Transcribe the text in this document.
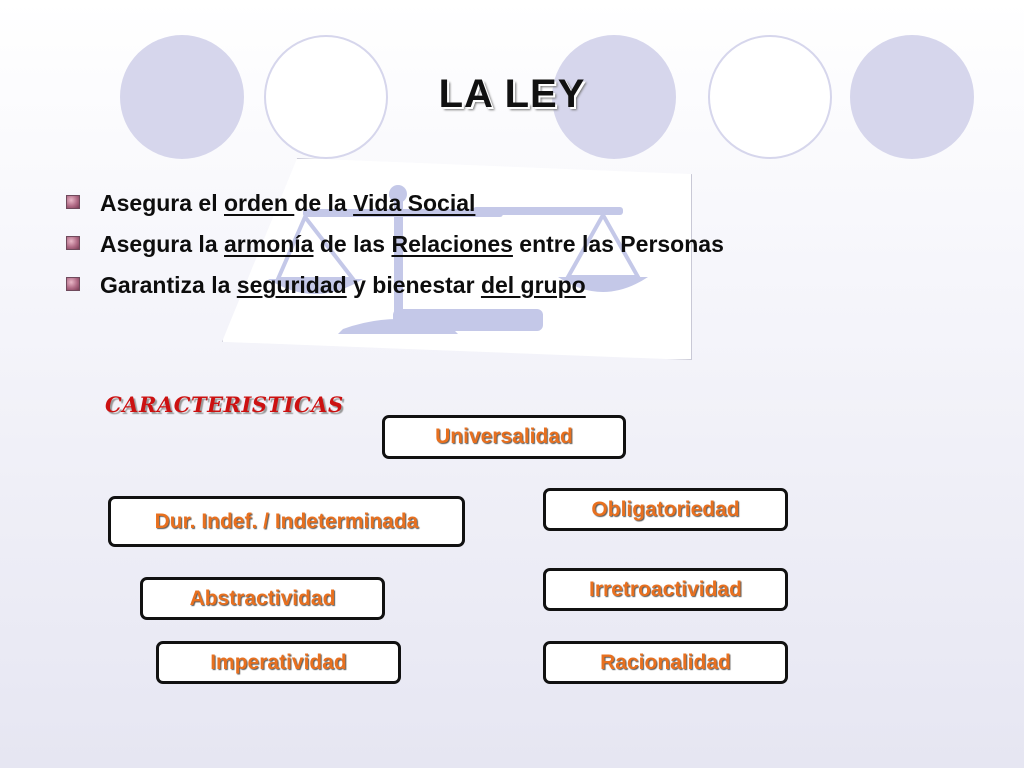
LA LEY
Asegura el orden de la Vida Social
Asegura la armonía de las Relaciones entre las Personas
Garantiza la seguridad y bienestar del grupo
CARACTERISTICAS
Universalidad
Dur. Indef. / Indeterminada
Obligatoriedad
Abstractividad	Irretroactividad
Imperatividad	Racionalidad
